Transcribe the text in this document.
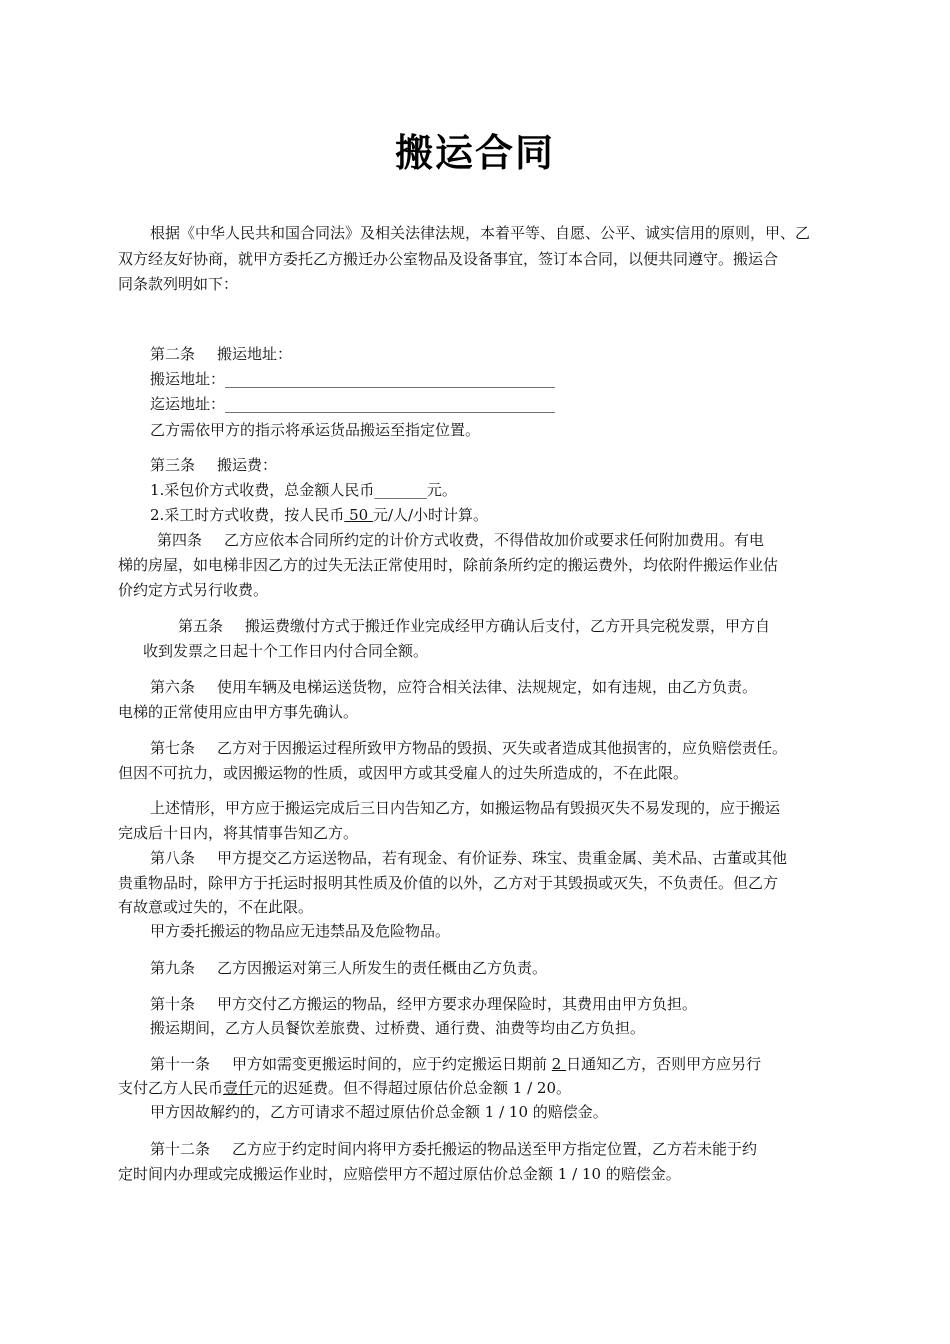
搬运合同
根据《中华人民共和国合同法》及相关法律法规，本着平等、自愿、公平、诚实信用的原则，甲、乙
双方经友好协商，就甲方委托乙方搬迁办公室物品及设备事宜，签订本合同，以便共同遵守。搬运合
同条款列明如下：
第二条 搬运地址：
搬运地址：____________________________________________
迄运地址：____________________________________________
乙方需依甲方的指示将承运货品搬运至指定位置。
第三条 搬运费：
1.采包价方式收费，总金额人民币_______元。
2.采工时方式收费，按人民币 50 元/人/小时计算。
第四条 乙方应依本合同所约定的计价方式收费，不得借故加价或要求任何附加费用。有电
梯的房屋，如电梯非因乙方的过失无法正常使用时，除前条所约定的搬运费外，均依附件搬运作业估
价约定方式另行收费。
第五条 搬运费缴付方式于搬迁作业完成经甲方确认后支付，乙方开具完税发票，甲方自
收到发票之日起十个工作日内付合同全额。
第六条 使用车辆及电梯运送货物，应符合相关法律、法规规定，如有违规，由乙方负责。
电梯的正常使用应由甲方事先确认。
第七条 乙方对于因搬运过程所致甲方物品的毁损、灭失或者造成其他损害的，应负赔偿责任。
但因不可抗力，或因搬运物的性质，或因甲方或其受雇人的过失所造成的，不在此限。
上述情形，甲方应于搬运完成后三日内告知乙方，如搬运物品有毁损灭失不易发现的，应于搬运
完成后十日内，将其情事告知乙方。
第八条 甲方提交乙方运送物品，若有现金、有价证券、珠宝、贵重金属、美术品、古董或其他
贵重物品时，除甲方于托运时报明其性质及价值的以外，乙方对于其毁损或灭失，不负责任。但乙方
有故意或过失的，不在此限。
甲方委托搬运的物品应无违禁品及危险物品。
第九条 乙方因搬运对第三人所发生的责任概由乙方负责。
第十条 甲方交付乙方搬运的物品，经甲方要求办理保险时，其费用由甲方负担。
搬运期间，乙方人员餐饮差旅费、过桥费、通行费、油费等均由乙方负担。
第十一条 甲方如需变更搬运时间的，应于约定搬运日期前 2 日通知乙方，否则甲方应另行
支付乙方人民币壹仟元的迟延费。但不得超过原估价总金额 1 / 20。
甲方因故解约的，乙方可请求不超过原估价总金额 1 / 10 的赔偿金。
第十二条 乙方应于约定时间内将甲方委托搬运的物品送至甲方指定位置，乙方若未能于约
定时间内办理或完成搬运作业时，应赔偿甲方不超过原估价总金额 1 / 10 的赔偿金。
